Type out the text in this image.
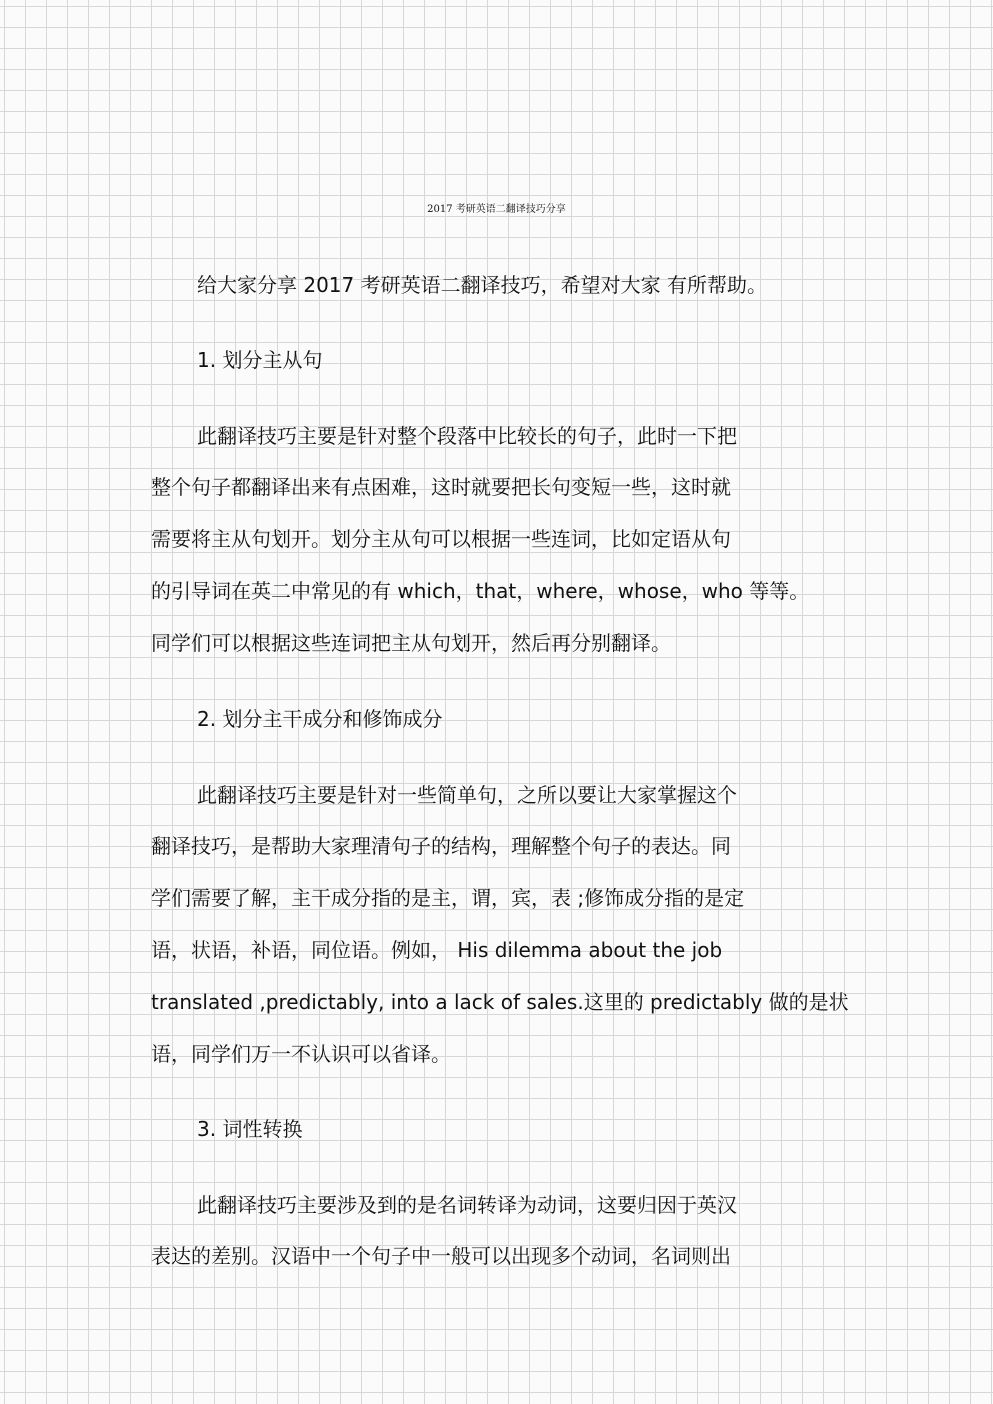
2017 考研英语二翻译技巧分享

给大家分享 2017 考研英语二翻译技巧，希望对大家 有所帮助。

1. 划分主从句

此翻译技巧主要是针对整个段落中比较长的句子，此时一下把

整个句子都翻译出来有点困难，这时就要把长句变短一些，这时就

需要将主从句划开。划分主从句可以根据一些连词，比如定语从句

的引导词在英二中常见的有 which，that，where，whose，who 等等。

同学们可以根据这些连词把主从句划开，然后再分别翻译。

2. 划分主干成分和修饰成分

此翻译技巧主要是针对一些简单句，之所以要让大家掌握这个

翻译技巧，是帮助大家理清句子的结构，理解整个句子的表达。同

学们需要了解，主干成分指的是主，谓，宾，表 ;修饰成分指的是定

语，状语，补语，同位语。例如， His dilemma about the job

translated ,predictably, into a lack of sales.这里的 predictably 做的是状

语，同学们万一不认识可以省译。

3. 词性转换

此翻译技巧主要涉及到的是名词转译为动词，这要归因于英汉

表达的差别。汉语中一个句子中一般可以出现多个动词，名词则出
